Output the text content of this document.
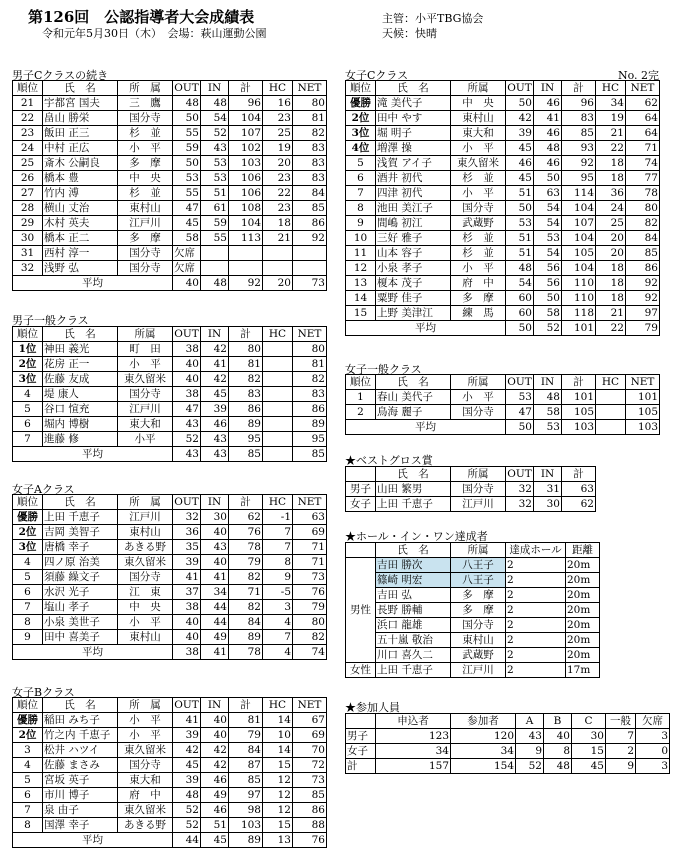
第126回　公認指導者大会成績表
令和元年5月30日（木）　会場：萩山運動公園
主管：小平TBG協会
天候：快晴
男子Cクラスの続き
順位	氏　名	所　属	OUT	IN	計	HC	NET
21	宇都宮 国夫	三　鷹	48	48	96	16	80
22	畠山 勝栄	国分寺	50	54	104	23	81
23	飯田 正三	杉　並	55	52	107	25	82
24	中村 正広	小　平	59	43	102	19	83
25	斎木 公嗣良	多　摩	50	53	103	20	83
26	橋本 豊	中　央	53	53	106	23	83
27	竹内 溥	杉　並	55	51	106	22	84
28	横山 丈治	東村山	47	61	108	23	85
29	木村 英夫	江戸川	45	59	104	18	86
30	橋本 正二	多　摩	58	55	113	21	92
31	西村 淳一	国分寺	欠席				
32	浅野 弘	国分寺	欠席				
平均			40	48	92	20	73
男子一般クラス
順位	氏　名	所属	OUT	IN	計	HC	NET
1位	神田 義光	町　田	38	42	80		80
2位	花房 正一	小　平	40	41	81		81
3位	佐藤 友成	東久留米	40	42	82		82
4	堤 康人	国分寺	38	45	83		83
5	谷口 愃充	江戸川	47	39	86		86
6	堀内 博樹	東大和	43	46	89		89
7	進藤 修	小平	52	43	95		95
平均			43	43	85		85
女子Aクラス
順位	氏　名	所　属	OUT	IN	計	HC	NET
優勝	上田 千恵子	江戸川	32	30	62	-1	63
2位	吉岡 美智子	東村山	36	40	76	7	69
3位	唐橋 幸子	あきる野	35	43	78	7	71
4	四ノ原 治美	東久留米	39	40	79	8	71
5	須藤 繰文子	国分寺	41	41	82	9	73
6	水沢 光子	江　東	37	34	71	-5	76
7	塩山 孝子	中　央	38	44	82	3	79
8	小泉 美世子	小　平	40	44	84	4	80
9	田中 喜美子	東村山	40	49	89	7	82
平均			38	41	78	4	74
女子Bクラス
順位	氏　名	所　属	OUT	IN	計	HC	NET
優勝	稲田 みち子	小　平	41	40	81	14	67
2位	竹之内 千恵子	小　平	39	40	79	10	69
3	松井 ハツイ	東久留米	42	42	84	14	70
4	佐藤 まさみ	国分寺	45	42	87	15	72
5	宮坂 英子	東大和	39	46	85	12	73
6	市川 博子	府　中	48	49	97	12	85
7	泉 由子	東久留米	52	46	98	12	86
8	国澤 幸子	あきる野	52	51	103	15	88
平均			44	45	89	13	76
女子Cクラス	No. 2完
順位	氏　名	所属	OUT	IN	計	HC	NET
優勝	滝 美代子	中　央	50	46	96	34	62
2位	田中 やす	東村山	42	41	83	19	64
3位	堀 明子	東大和	39	46	85	21	64
4位	増澤 操	小　平	45	48	93	22	71
5	浅賀 アイ子	東久留米	46	46	92	18	74
6	酒井 初代	杉　並	45	50	95	18	77
7	四津 初代	小　平	51	63	114	36	78
8	池田 美江子	国分寺	50	54	104	24	80
9	間嶋 初江	武蔵野	53	54	107	25	82
10	三好 雅子	杉　並	51	53	104	20	84
11	山本 容子	杉　並	51	54	105	20	85
12	小泉 孝子	小　平	48	56	104	18	86
13	榎本 茂子	府　中	54	56	110	18	92
14	粟野 佳子	多　摩	60	50	110	18	92
15	上野 美津江	練　馬	60	58	118	21	97
平均			50	52	101	22	79
女子一般クラス
順位	氏　名	所属	OUT	IN	計	HC	NET
1	春山 美代子	小　平	53	48	101		101
2	鳥海 麗子	国分寺	47	58	105		105
平均			50	53	103		103
★ベストグロス賞
	氏　名	所属	OUT	IN	計
男子	山田 繁男	国分寺	32	31	63
女子	上田 千恵子	江戸川	32	30	62
★ホール・イン・ワン達成者
	氏　名	所属	達成ホール	距離
男性	吉田 勝次	八王子	2	20m
	篠崎 明宏	八王子	2	20m
	吉田 弘	多　摩	2	20m
	長野 勝輔	多　摩	2	20m
	浜口 龍雄	国分寺	2	20m
	五十嵐 敬治	東村山	2	20m
	川口 喜久二	武蔵野	2	20m
女性	上田 千恵子	江戸川	2	17m
★参加人員
	申込者	参加者	A	B	C	一般	欠席
男子	123	120	43	40	30	7	3
女子	34	34	9	8	15	2	0
計	157	154	52	48	45	9	3
